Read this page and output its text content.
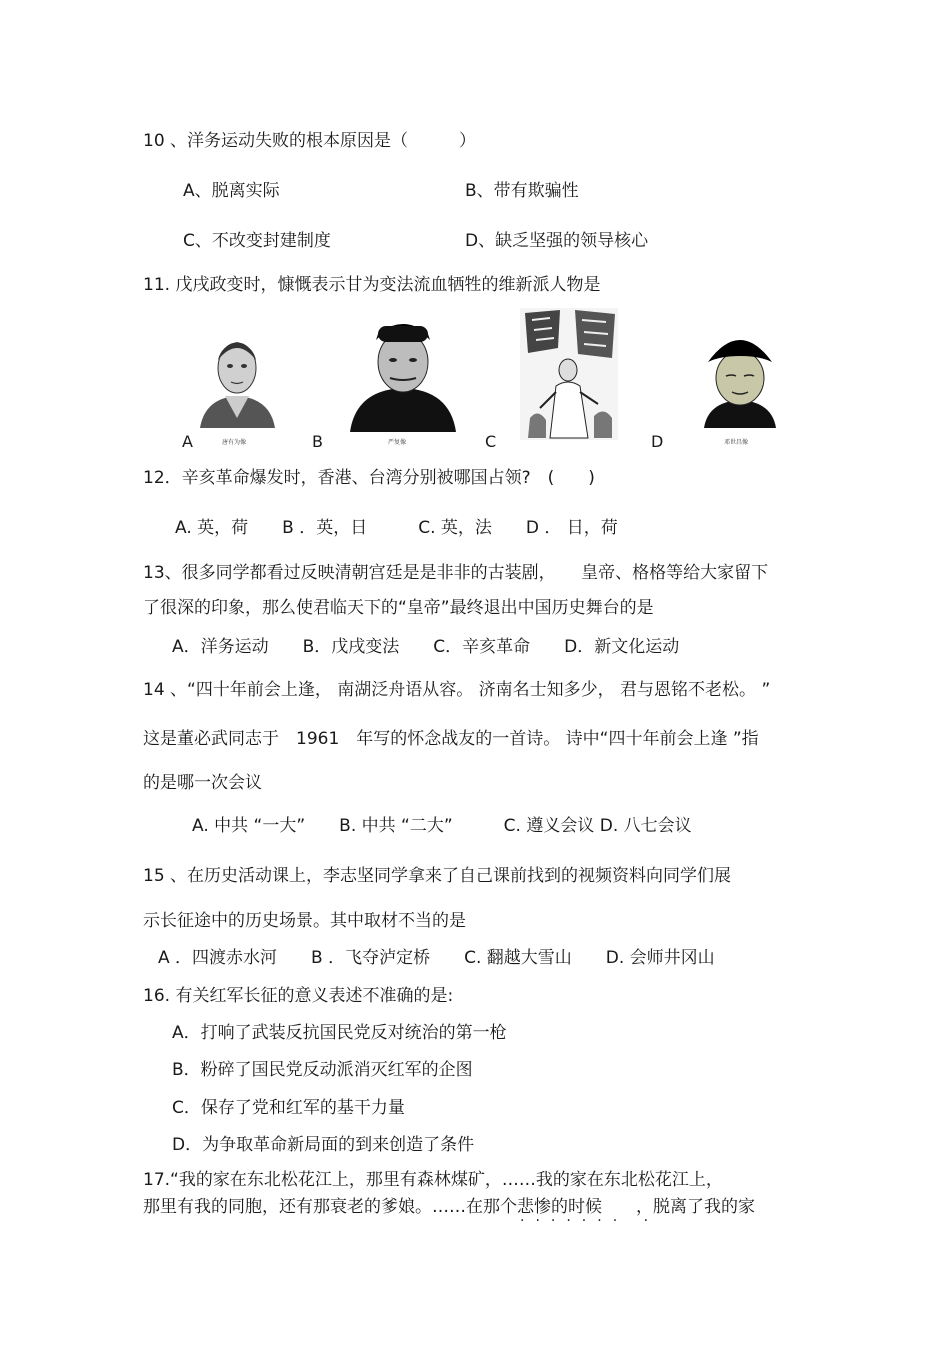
10 、洋务运动失败的根本原因是（　　　）
A、脱离实际	B、带有欺骗性
C、不改变封建制度	D、缺乏坚强的领导核心
11. 戊戌政变时，慷慨表示甘为变法流血牺牲的维新派人物是
唐有为像
A	严复像
B	C	邓世昌像
D
12．辛亥革命爆发时，香港、台湾分别被哪国占领?　(　　)
A. 英，荷　　B ．英，日　　　C. 英，法　　D ． 日，荷
13、很多同学都看过反映清朝宫廷是是非非的古装剧，　　皇帝、格格等给大家留下
了很深的印象，那么使君临天下的“皇帝”最终退出中国历史舞台的是
A．洋务运动　　B．戊戌变法　　C．辛亥革命　　D．新文化运动
14 、“四十年前会上逢， 南湖泛舟语从容。 济南名士知多少， 君与恩铭不老松。 ”
这是董必武同志于　1961　年写的怀念战友的一首诗。 诗中“四十年前会上逢 ”指
的是哪一次会议
A. 中共 “一大”　　B. 中共 “二大”　　　C. 遵义会议 D. 八七会议
15 、在历史活动课上，李志坚同学拿来了自己课前找到的视频资料向同学们展
示长征途中的历史场景。其中取材不当的是
A ．四渡赤水河　　B ．飞夺泸定桥　　C. 翻越大雪山　　D. 会师井冈山
16. 有关红军长征的意义表述不准确的是:
A．打响了武装反抗国民党反对统治的第一枪
B．粉碎了国民党反动派消灭红军的企图
C．保存了党和红军的基干力量
D．为争取革命新局面的到来创造了条件
17.“我的家在东北松花江上，那里有森林煤矿，……我的家在东北松花江上，
那里有我的同胞，还有那衰老的爹娘。……在那个悲惨的时候　　，脱离了我的家
······· ·
